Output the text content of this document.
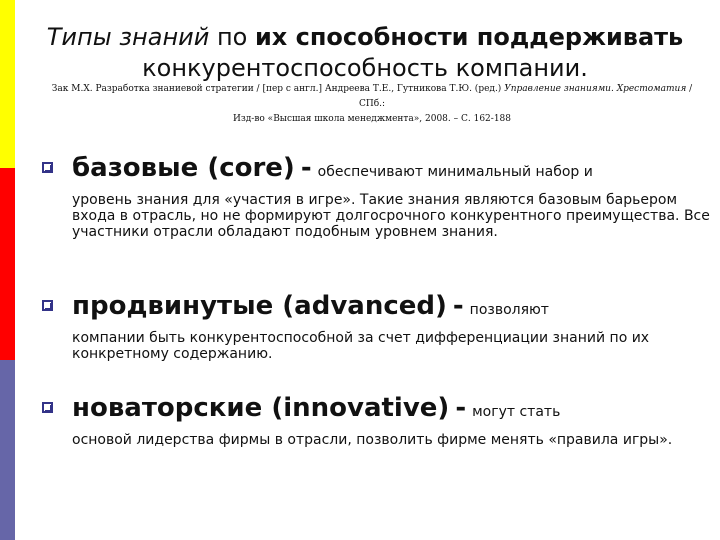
Типы знаний по их способности поддерживать
конкурентоспособность компании.
Зак М.Х. Разработка знаниевой стратегии / [пер с англ.] Андреева Т.Е., Гутникова Т.Ю. (ред.) Управление знаниями. Хрестоматия / СПб.:
Изд-во «Высшая школа менеджмента», 2008. – С. 162-188
базовые (core) - обеспечивают минимальный набор и
уровень знания для «участия в игре». Такие знания являются базовым барьером входа в отрасль, но не формируют долгосрочного конкурентного преимущества. Все участники отрасли обладают подобным уровнем знания.
продвинутые (advanced) - позволяют
компании быть конкурентоспособной за счет дифференциации знаний по их конкретному содержанию.
новаторские (innovative) - могут стать
основой лидерства фирмы в отрасли, позволить фирме менять «правила игры».
